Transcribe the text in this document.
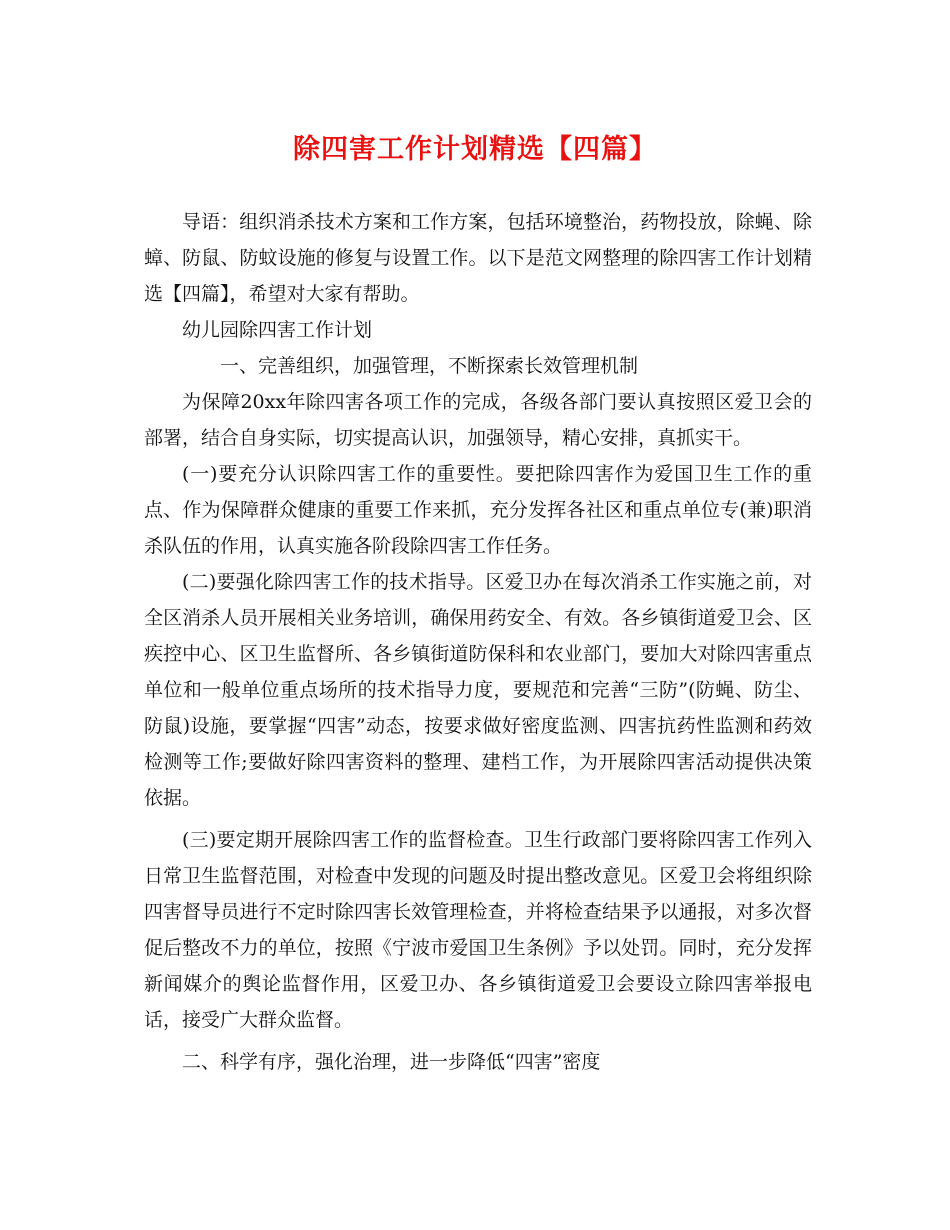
除四害工作计划精选【四篇】

导语：组织消杀技术方案和工作方案，包括环境整治，药物投放，除蝇、除蟑、防鼠、防蚊设施的修复与设置工作。以下是范文网整理的除四害工作计划精选【四篇】，希望对大家有帮助。

幼儿园除四害工作计划

一、完善组织，加强管理，不断探索长效管理机制

为保障20xx年除四害各项工作的完成，各级各部门要认真按照区爱卫会的部署，结合自身实际，切实提高认识，加强领导，精心安排，真抓实干。

(一)要充分认识除四害工作的重要性。要把除四害作为爱国卫生工作的重点、作为保障群众健康的重要工作来抓，充分发挥各社区和重点单位专(兼)职消杀队伍的作用，认真实施各阶段除四害工作任务。

(二)要强化除四害工作的技术指导。区爱卫办在每次消杀工作实施之前，对全区消杀人员开展相关业务培训，确保用药安全、有效。各乡镇街道爱卫会、区疾控中心、区卫生监督所、各乡镇街道防保科和农业部门，要加大对除四害重点单位和一般单位重点场所的技术指导力度，要规范和完善“三防”(防蝇、防尘、防鼠)设施，要掌握“四害”动态，按要求做好密度监测、四害抗药性监测和药效检测等工作;要做好除四害资料的整理、建档工作，为开展除四害活动提供决策依据。

(三)要定期开展除四害工作的监督检查。卫生行政部门要将除四害工作列入日常卫生监督范围，对检查中发现的问题及时提出整改意见。区爱卫会将组织除四害督导员进行不定时除四害长效管理检查，并将检查结果予以通报，对多次督促后整改不力的单位，按照《宁波市爱国卫生条例》予以处罚。同时，充分发挥新闻媒介的舆论监督作用，区爱卫办、各乡镇街道爱卫会要设立除四害举报电话，接受广大群众监督。

二、科学有序，强化治理，进一步降低“四害”密度
